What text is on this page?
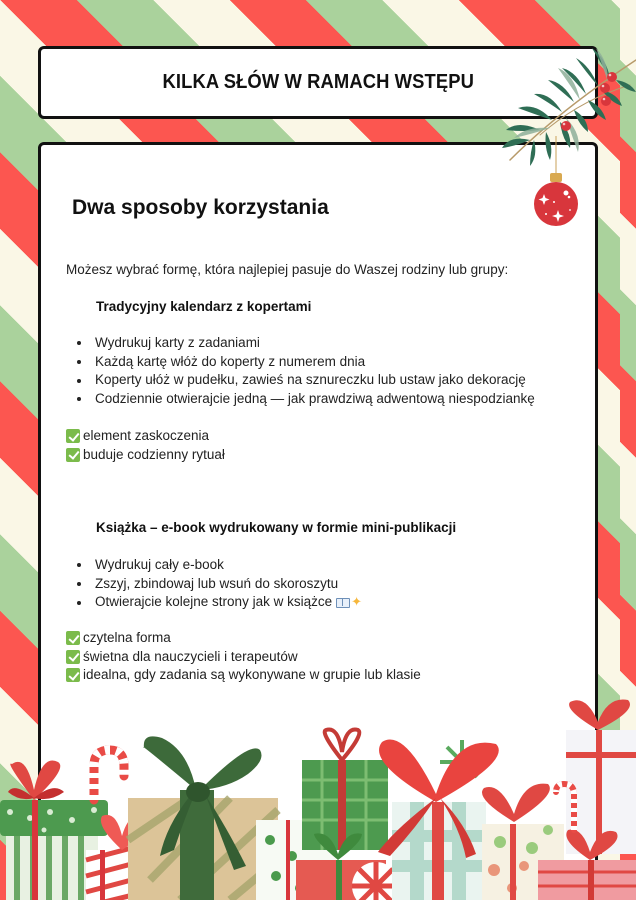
KILKA SŁÓW W RAMACH WSTĘPU
Dwa sposoby korzystania
Możesz wybrać formę, która najlepiej pasuje do Waszej rodziny lub grupy:
Tradycyjny kalendarz z kopertami
Wydrukuj karty z zadaniami
Każdą kartę włóż do koperty z numerem dnia
Koperty ułóż w pudełku, zawieś na sznureczku lub ustaw jako dekorację
Codziennie otwierajcie jedną — jak prawdziwą adwentową niespodziankę
element zaskoczenia
buduje codzienny rytuał
Książka – e-book wydrukowany w formie mini-publikacji
Wydrukuj cały e-book
Zszyj, zbindowaj lub wsuń do skoroszytu
Otwierajcie kolejne strony jak w książce ✦
czytelna forma
świetna dla nauczycieli i terapeutów
idealna, gdy zadania są wykonywane w grupie lub klasie
